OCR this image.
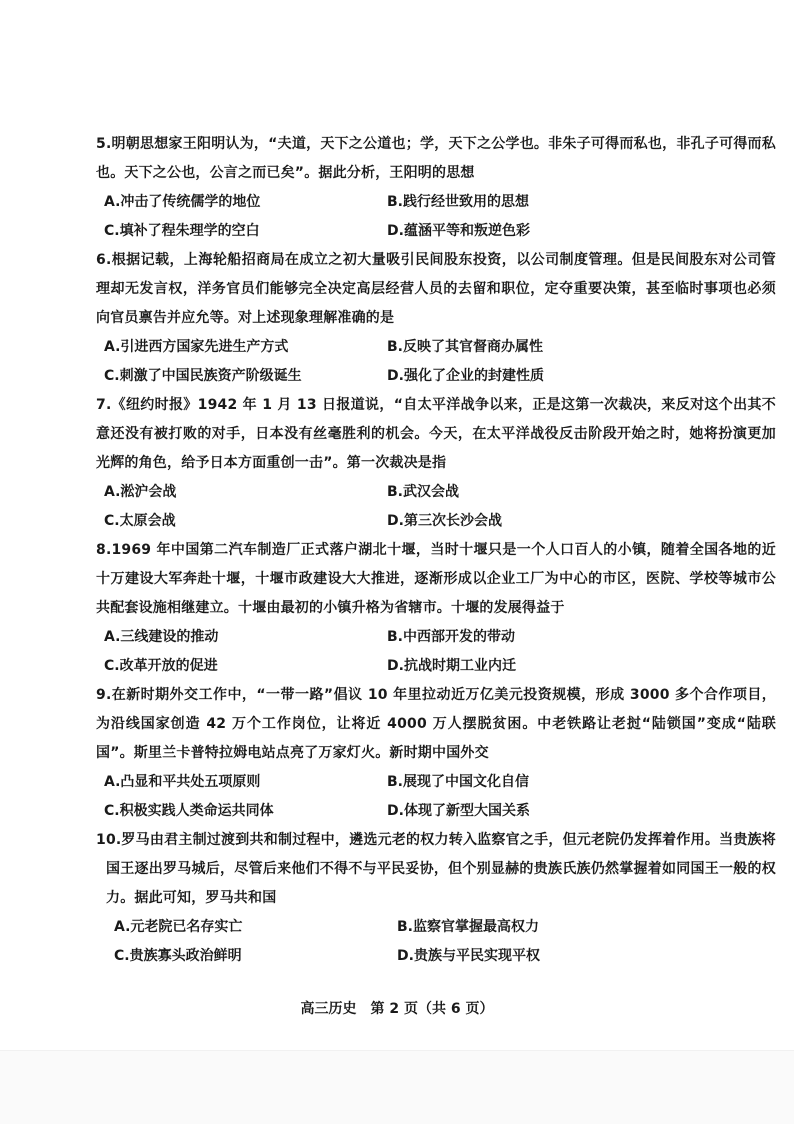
5.明朝思想家王阳明认为，“夫道，天下之公道也；学，天下之公学也。非朱子可得而私也，非孔子可得而私也。天下之公也，公言之而已矣”。据此分析，王阳明的思想

A.冲击了传统儒学的地位	B.践行经世致用的思想
C.填补了程朱理学的空白	D.蕴涵平等和叛逆色彩

6.根据记载，上海轮船招商局在成立之初大量吸引民间股东投资，以公司制度管理。但是民间股东对公司管理却无发言权，洋务官员们能够完全决定高层经营人员的去留和职位，定夺重要决策，甚至临时事项也必须向官员禀告并应允等。对上述现象理解准确的是

A.引进西方国家先进生产方式	B.反映了其官督商办属性
C.刺激了中国民族资产阶级诞生	D.强化了企业的封建性质

7.《纽约时报》1942 年 1 月 13 日报道说，“自太平洋战争以来，正是这第一次裁决，来反对这个出其不意还没有被打败的对手，日本没有丝毫胜利的机会。今天，在太平洋战役反击阶段开始之时，她将扮演更加光辉的角色，给予日本方面重创一击”。第一次裁决是指

A.淞沪会战	B.武汉会战
C.太原会战	D.第三次长沙会战

8.1969 年中国第二汽车制造厂正式落户湖北十堰，当时十堰只是一个人口百人的小镇，随着全国各地的近十万建设大军奔赴十堰，十堰市政建设大大推进，逐渐形成以企业工厂为中心的市区，医院、学校等城市公共配套设施相继建立。十堰由最初的小镇升格为省辖市。十堰的发展得益于

A.三线建设的推动	B.中西部开发的带动
C.改革开放的促进	D.抗战时期工业内迁

9.在新时期外交工作中，“一带一路”倡议 10 年里拉动近万亿美元投资规模，形成 3000 多个合作项目，为沿线国家创造 42 万个工作岗位，让将近 4000 万人摆脱贫困。中老铁路让老挝“陆锁国”变成“陆联国”。斯里兰卡普特拉姆电站点亮了万家灯火。新时期中国外交

A.凸显和平共处五项原则	B.展现了中国文化自信
C.积极实践人类命运共同体	D.体现了新型大国关系

10.罗马由君主制过渡到共和制过程中，遴选元老的权力转入监察官之手，但元老院仍发挥着作用。当贵族将国王逐出罗马城后，尽管后来他们不得不与平民妥协，但个别显赫的贵族氏族仍然掌握着如同国王一般的权力。据此可知，罗马共和国

A.元老院已名存实亡	B.监察官掌握最高权力
C.贵族寡头政治鲜明	D.贵族与平民实现平权
高三历史　第 2 页（共 6 页）
